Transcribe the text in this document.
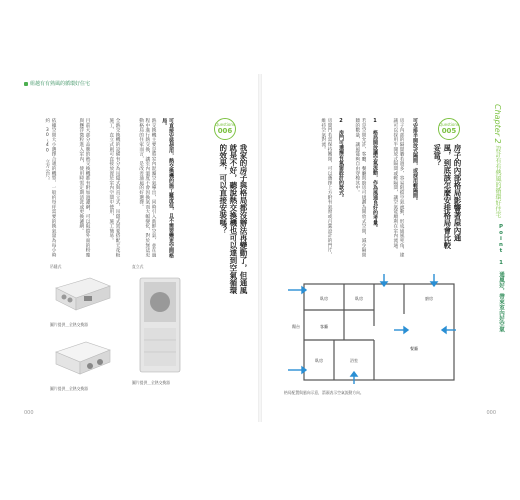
組越有有熟風的循環好住宅
Questions
006
我家的房子與格局都沒辦法再變動了，但通風就是不好，聽說熱交換機也可以達到空氣循環的效果，可以直接安裝嗎？
可直接安裝使用，熱交換機的施工難度低，且不需要變更空間格局。
熱交換機主要是將室內混濁空氣導出，同時引入新鮮空氣，並在過程中進行熱交換，讓室內溫度不會因換氣而大幅變化，對於無法更動格局的住家而言，是改善通風的好選擇。
全熱交換機的設備有分為吊隱式與直立式，吊隱式需要搭配天花板施工，直立式則可直接放置於室內空間中使用，施工簡易。
目前大部分品牌的熱交換機都有附加過濾網，可以阻擋外面的粉塵與懸浮微粒進入室內，使用時需定期清洗或更換濾網。
依據空間大小選擇合適的機型，一般約每坪需要的換氣量為每小時約 30～40 立方公尺。
吊隱式
圖片提供＿全熱交換器
圖片提供＿全熱交換器
直立式
圖片提供＿全熱交換器
000
Chapter 2 設計有有熱風的循環好住宅
Point 1　通風好，帶來室內好空氣
Questions
005
房子的內部格局影響著屋內通風，到底該怎麼安排格局會比較妥當？
可安排半開放式隔間，或採用輕隔間。
房子內部的隔間牆若過多，容易阻擋空氣流動，形成通風死角，建議可以採用半開放式隔間或輕隔間，讓空氣能順利在室內流通。
1 格局開放讓空氣流動，作為風通良好的考量。
若是空間允許，客廳、餐廳與廚房可規劃為開放式空間，減少隔間牆的數量，讓風能夠自由穿梭其中。
2 房門可選擇有氣窗設計的款式。
房間門若需保持關閉，可以選擇上方附有氣窗或百葉設計的門片，維持空氣對流。
臥房	臥房	廚房
客廳
陽台
餐廳
臥房	浴室
格局配置與風向示意，箭頭表示空氣流動方向。
000
